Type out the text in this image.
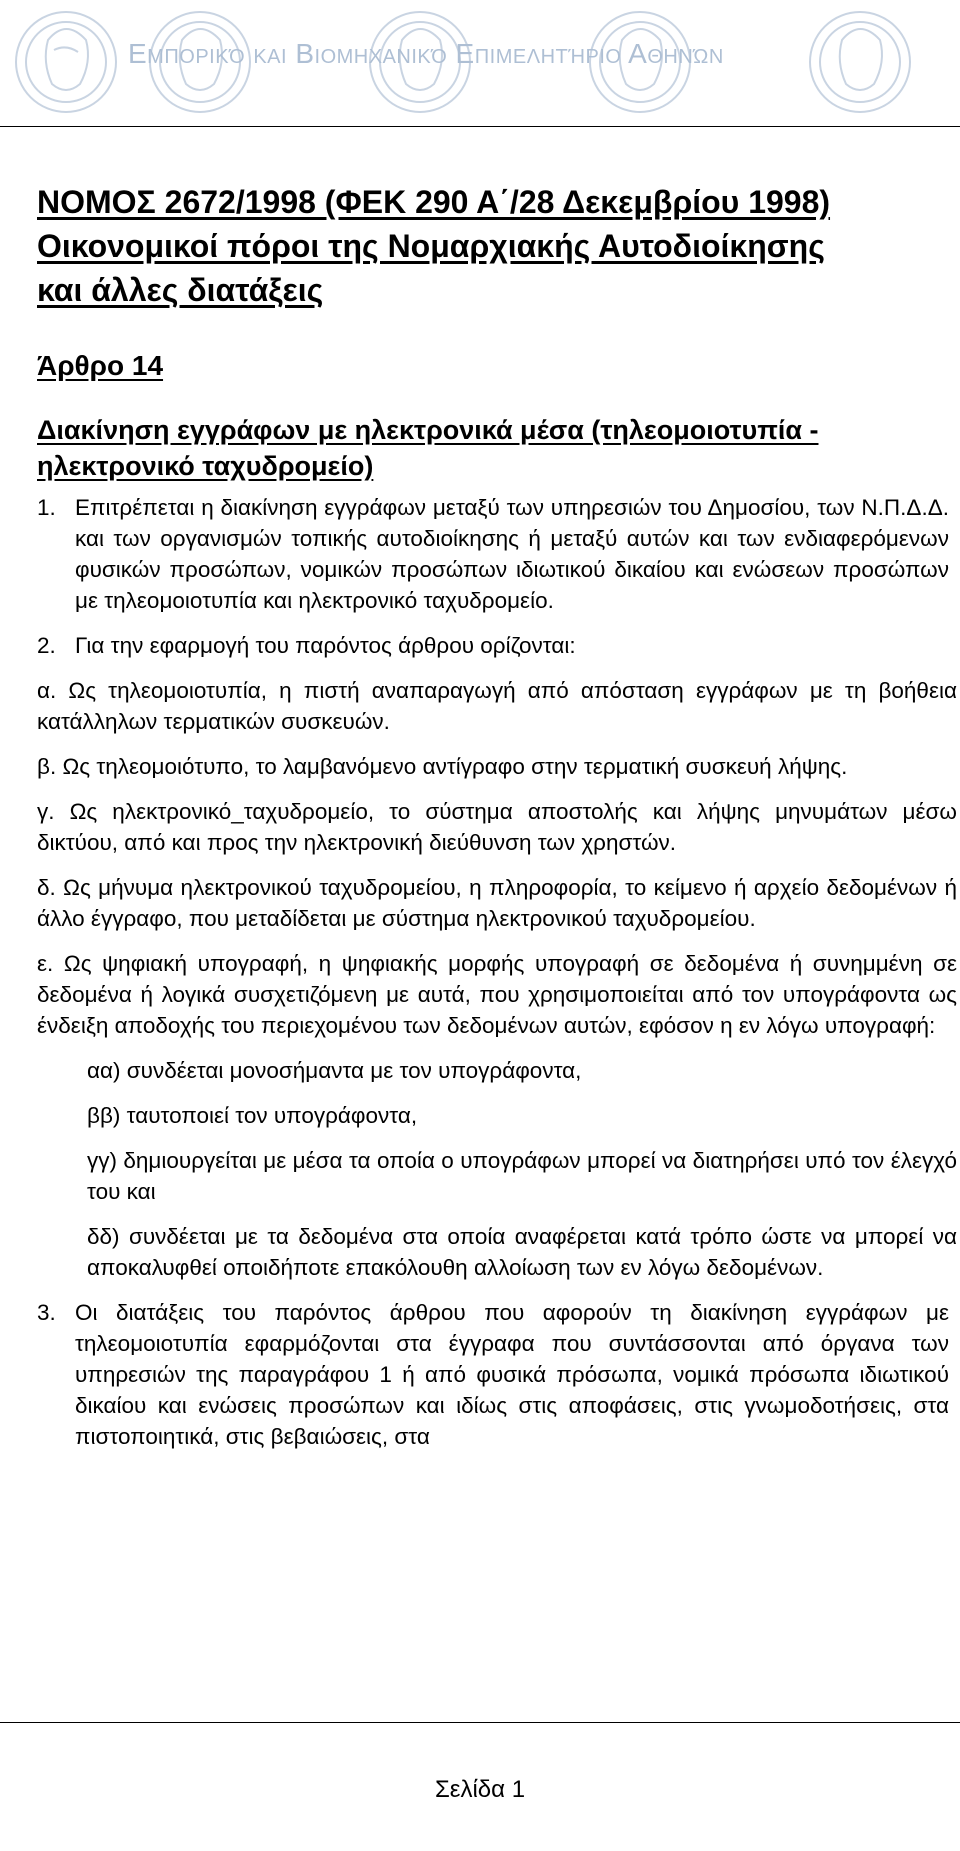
Εμπορικό και Βιομηχανικό Επιμελητήριο Αθηνών
ΝΟΜΟΣ 2672/1998 (ΦΕΚ 290 Α΄/28 Δεκεμβρίου 1998)
Οικονομικοί πόροι της Νομαρχιακής Αυτοδιοίκησης
και άλλες διατάξεις
Άρθρο 14
Διακίνηση εγγράφων με ηλεκτρονικά μέσα (τηλεομοιοτυπία - ηλεκτρονικό ταχυδρομείο)
1. Επιτρέπεται η διακίνηση εγγράφων μεταξύ των υπηρεσιών του Δημοσίου, των Ν.Π.Δ.Δ. και των οργανισμών τοπικής αυτοδιοίκησης ή μεταξύ αυτών και των ενδιαφερόμενων φυσικών προσώπων, νομικών προσώπων ιδιωτικού δικαίου και ενώσεων προσώπων με τηλεομοιοτυπία και ηλεκτρονικό ταχυδρομείο.
2. Για την εφαρμογή του παρόντος άρθρου ορίζονται:
α. Ως τηλεομοιοτυπία, η πιστή αναπαραγωγή από απόσταση εγγράφων με τη βοήθεια κατάλληλων τερματικών συσκευών.
β. Ως τηλεομοιότυπο, το λαμβανόμενο αντίγραφο στην τερματική συσκευή λήψης.
γ. Ως ηλεκτρονικό_ταχυδρομείο, το σύστημα αποστολής και λήψης μηνυμάτων μέσω δικτύου, από και προς την ηλεκτρονική διεύθυνση των χρηστών.
δ. Ως μήνυμα ηλεκτρονικού ταχυδρομείου, η πληροφορία, το κείμενο ή αρχείο δεδομένων ή άλλο έγγραφο, που μεταδίδεται με σύστημα ηλεκτρονικού ταχυδρομείου.
ε. Ως ψηφιακή υπογραφή, η ψηφιακής μορφής υπογραφή σε δεδομένα ή συνημμένη σε δεδομένα ή λογικά συσχετιζόμενη με αυτά, που χρησιμοποιείται από τον υπογράφοντα ως ένδειξη αποδοχής του περιεχομένου των δεδομένων αυτών, εφόσον η εν λόγω υπογραφή:
αα) συνδέεται μονοσήμαντα με τον υπογράφοντα,
ββ) ταυτοποιεί τον υπογράφοντα,
γγ) δημιουργείται με μέσα τα οποία ο υπογράφων μπορεί να διατηρήσει υπό τον έλεγχό του και
δδ) συνδέεται με τα δεδομένα στα οποία αναφέρεται κατά τρόπο ώστε να μπορεί να αποκαλυφθεί οποιδήποτε επακόλουθη αλλοίωση των εν λόγω δεδομένων.
3. Οι διατάξεις του παρόντος άρθρου που αφορούν τη διακίνηση εγγράφων με τηλεομοιοτυπία εφαρμόζονται στα έγγραφα που συντάσσονται από όργανα των υπηρεσιών της παραγράφου 1 ή από φυσικά πρόσωπα, νομικά πρόσωπα ιδιωτικού δικαίου και ενώσεις προσώπων και ιδίως στις αποφάσεις, στις γνωμοδοτήσεις, στα πιστοποιητικά, στις βεβαιώσεις, στα
Σελίδα 1
